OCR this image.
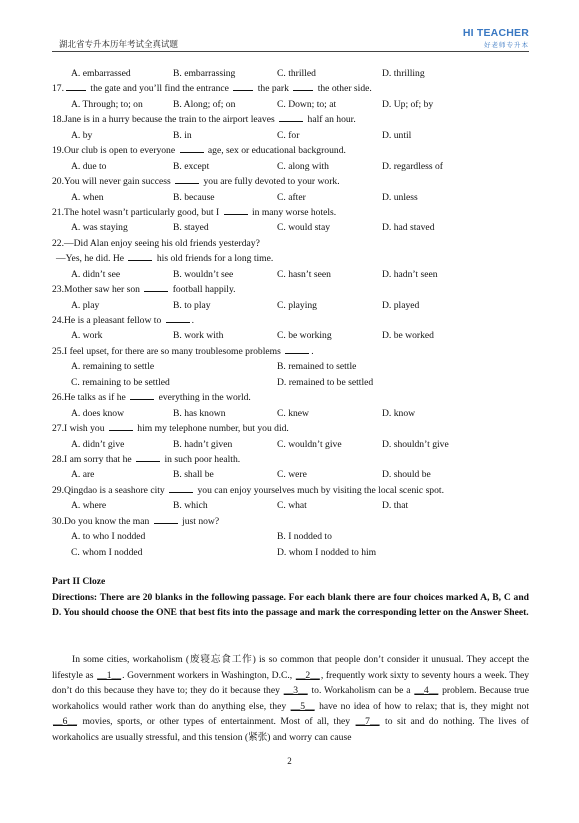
湖北省专升本历年考试全真试题
HI TEACHER
好老师专升本
A. embarrassed	B. embarrassing	C. thrilled	D. thrilling
17.	the gate and you’ll find the entrance	the park	the other side.
A. Through; to; on	B. Along; of; on	C. Down; to; at	D. Up; of; by
18.Jane is in a hurry because the train to the airport leaves	half an hour.
A. by	B. in	C. for	D. until
19.Our club is open to everyone	age, sex or educational background.
A. due to	B. except	C. along with	D. regardless of
20.You will never gain success	you are fully devoted to your work.
A. when	B. because	C. after	D. unless
21.The hotel wasn’t particularly good, but I	in many worse hotels.
A. was staying	B. stayed	C. would stay	D. had staved
22.—Did Alan enjoy seeing his old friends yesterday?
—Yes, he did. He	his old friends for a long time.
A. didn’t see	B. wouldn’t see	C. hasn’t seen	D. hadn’t seen
23.Mother saw her son	football happily.
A. play	B. to play	C. playing	D. played
24.He is a pleasant fellow to	.
A. work	B. work with	C. be working	D. be worked
25.I feel upset, for there are so many troublesome problems	.
A. remaining to settle	B. remained to settle
C. remaining to be settled	D. remained to be settled
26.He talks as if he	everything in the world.
A. does know	B. has known	C. knew	D. know
27.I wish you	him my telephone number, but you did.
A. didn’t give	B. hadn’t given	C. wouldn’t give	D. shouldn’t give
28.I am sorry that he	in such poor health.
A. are	B. shall be	C. were	D. should be
29.Qingdao is a seashore city	you can enjoy yourselves much by visiting the local scenic spot.
A. where	B. which	C. what	D. that
30.Do you know the man	just now?
A. to who I nodded	B. I nodded to
C. whom I nodded	D. whom I nodded to him
Part II Cloze
Directions: There are 20 blanks in the following passage. For each blank there are four choices marked A, B, C and D. You should choose the ONE that best fits into the passage and mark the corresponding letter on the Answer Sheet.

In some cities, workaholism (废寝忘食工作) is so common that people don’t consider it unusual. They accept the lifestyle as __1__. Government workers in Washington, D.C., __2__, frequently work sixty to seventy hours a week. They don’t do this because they have to; they do it because they __3__ to. Workaholism can be a __4__ problem. Because true workaholics would rather work than do anything else, they __5__ have no idea of how to relax; that is, they might not __6__ movies, sports, or other types of entertainment. Most of all, they __7__ to sit and do nothing. The lives of workaholics are usually stressful, and this tension (紧张) and worry can cause

2
